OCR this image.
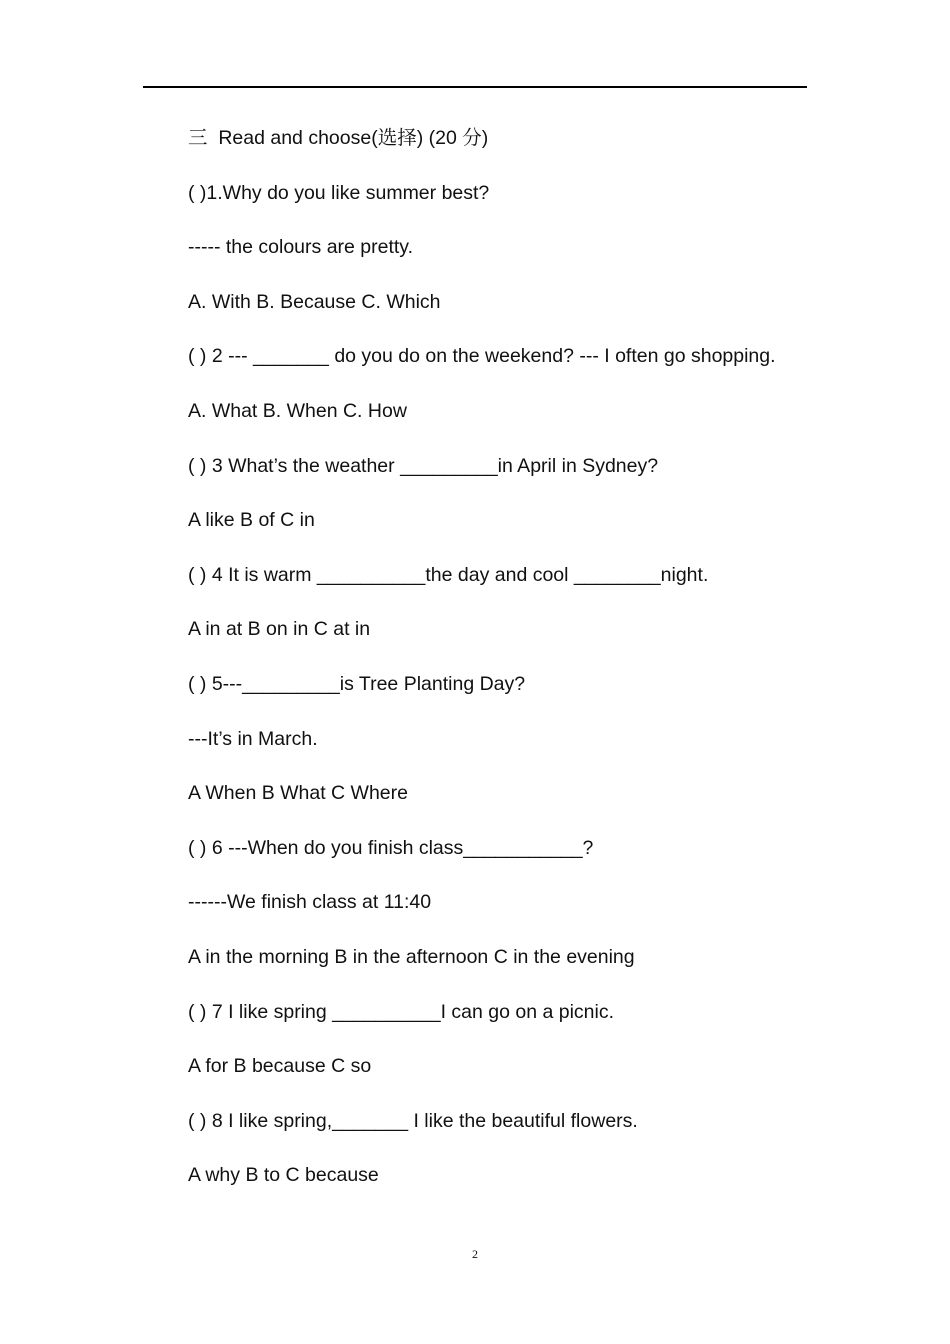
三  Read and choose(选择) (20 分)
( )1.Why do you like summer best?
----- the colours are pretty.
A. With B. Because C. Which
( ) 2 --- _______ do you do on the weekend? --- I often go shopping.
A. What B. When C. How
( ) 3 What’s the weather _________in April in Sydney?
A like B of C in
( ) 4 It is warm __________the day and cool ________night.
A in at B on in C at in
( ) 5---_________is Tree Planting Day?
---It’s in March.
A When B What C Where
( ) 6 ---When do you finish class___________?
------We finish class at 11:40
A in the morning B in the afternoon C in the evening
( ) 7 I like spring __________I can go on a picnic.
A for B because C so
( ) 8 I like spring,_______ I like the beautiful flowers.
A why B to C because
2
